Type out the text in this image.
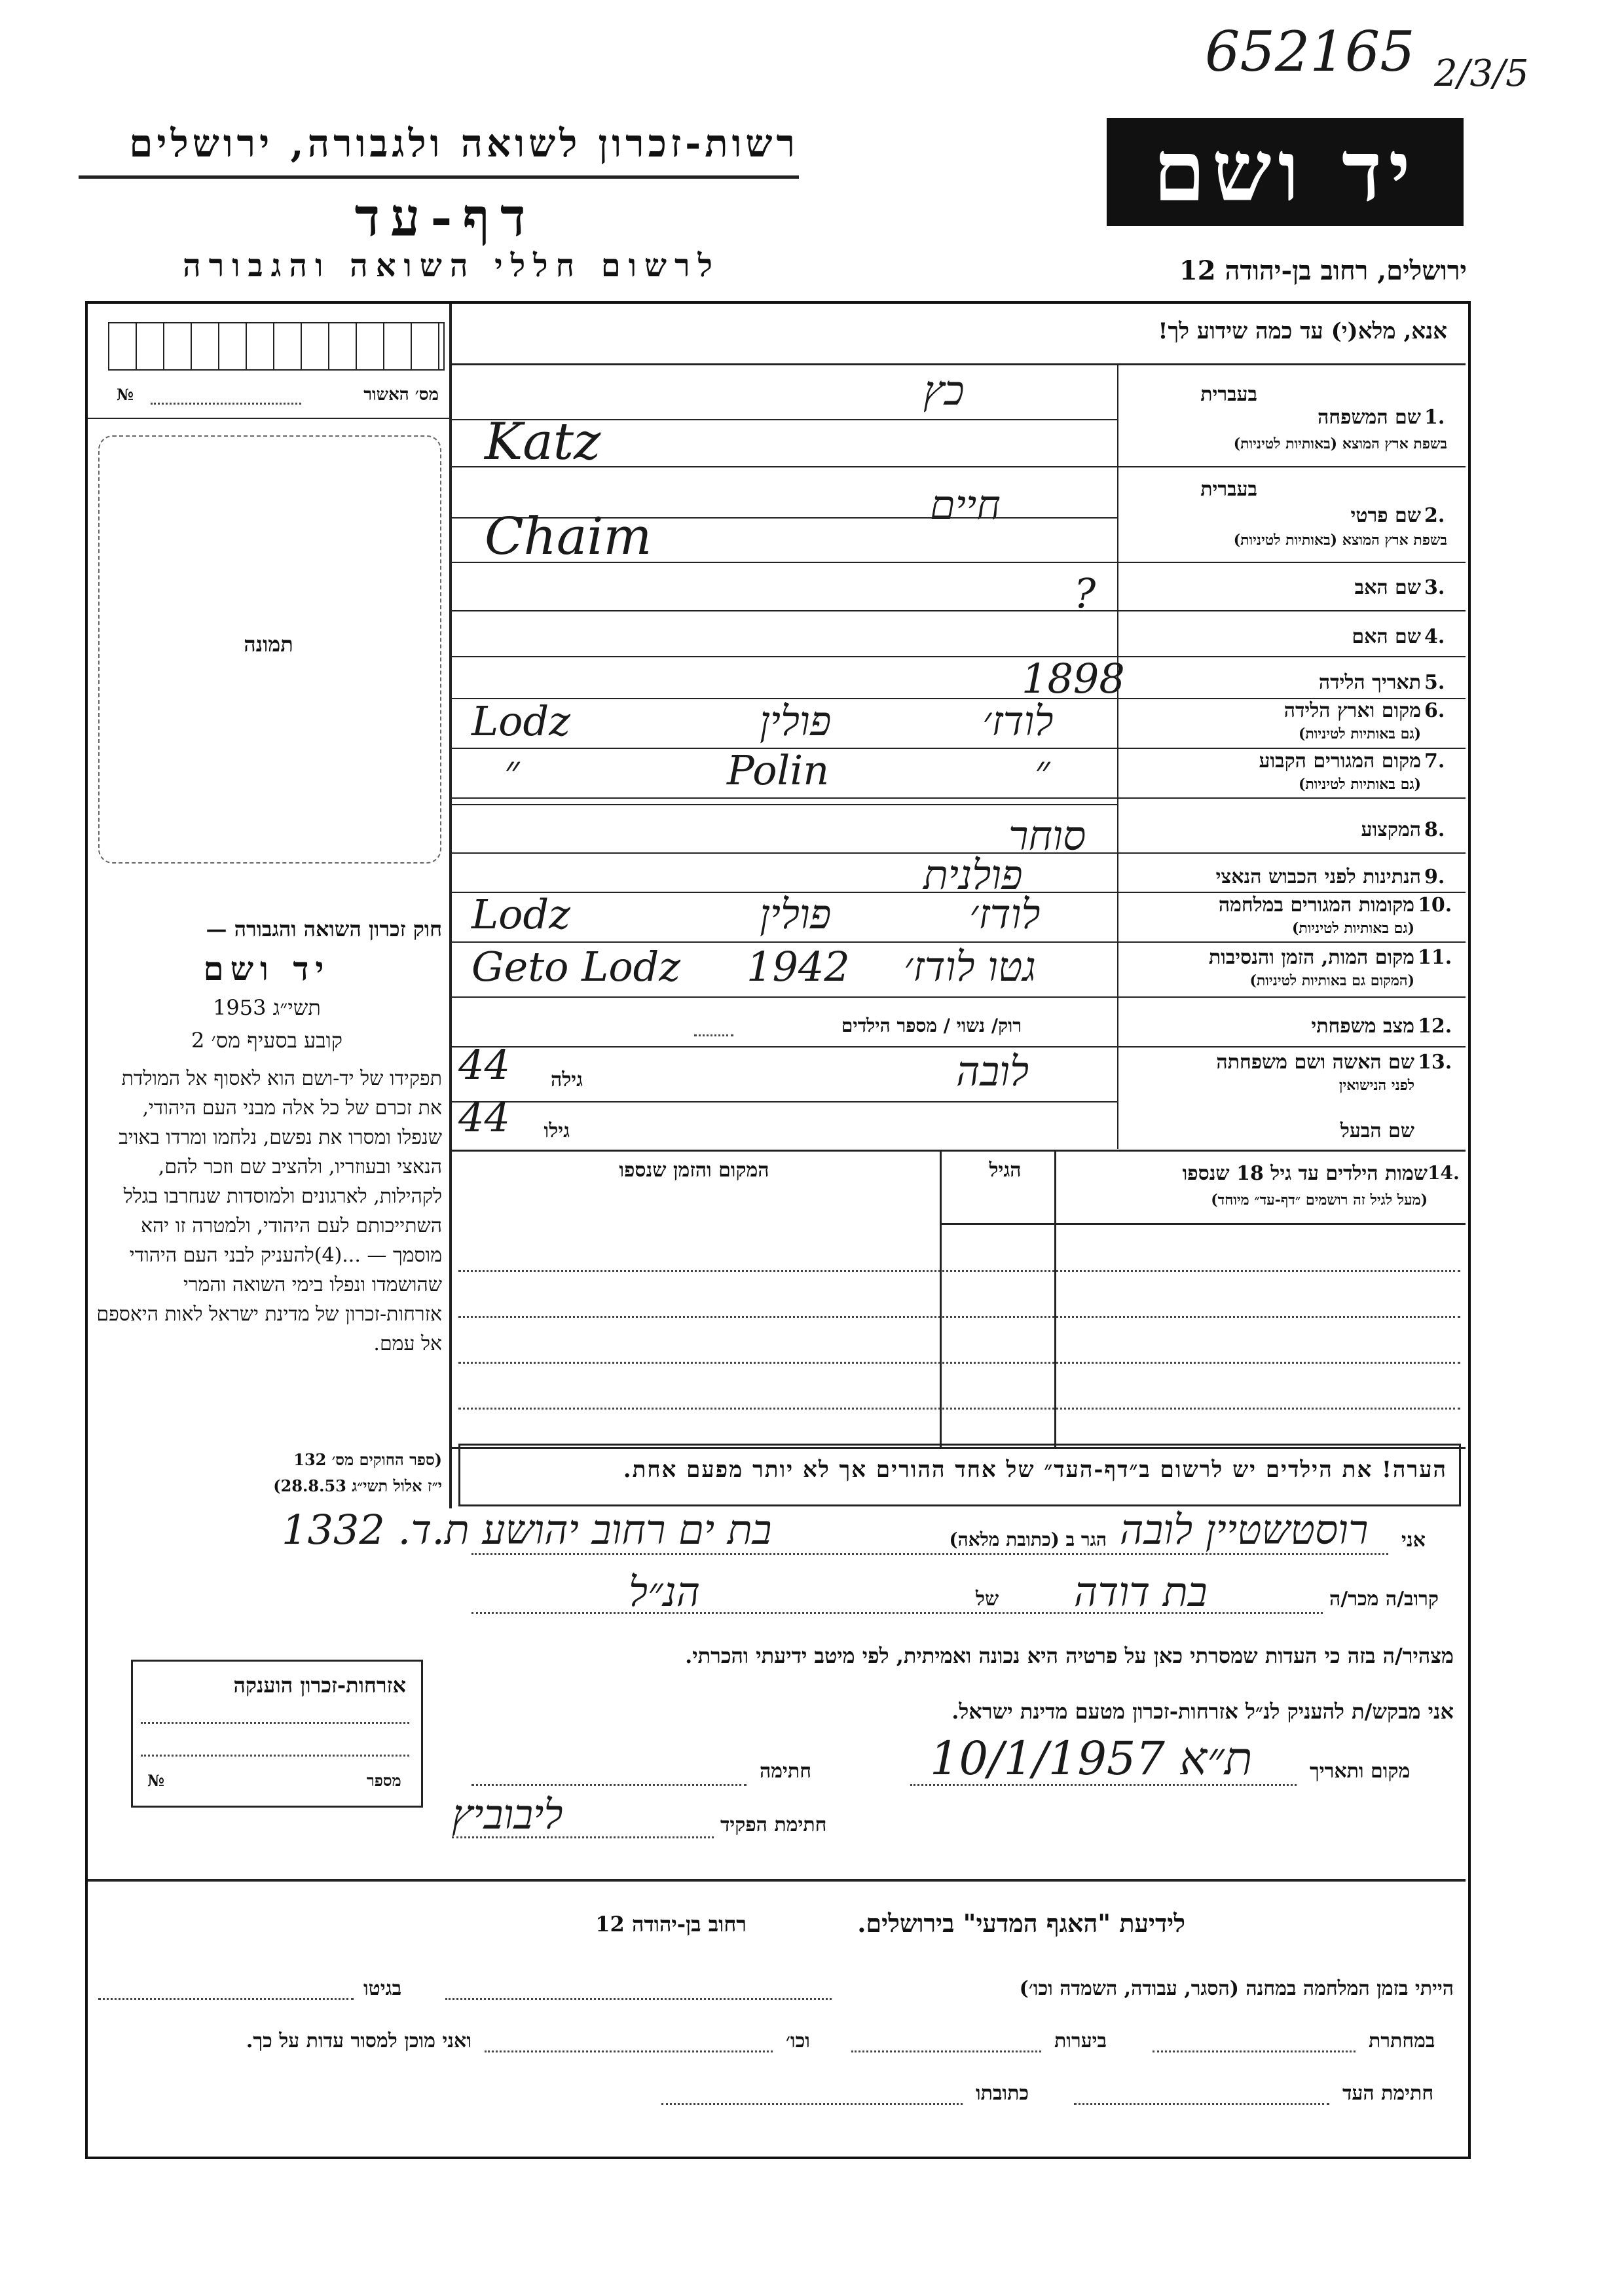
652165 2/3/5
רשות-זכרון לשואה ולגבורה, ירושלים
דף-עד
לרשום חללי השואה והגבורה
יד ושם
ירושלים, רחוב בן-יהודה 12
אנא, מלא(י) עד כמה שידוע לך!
№	מס׳ האשור
תמונה
חוק זכרון השואה והגבורה —
יד ושם
תשי״ג 1953
קובע בסעיף מס׳ 2
תפקידו של יד-ושם הוא לאסוף אל המולדת את זכרם של כל אלה מבני העם היהודי, שנפלו ומסרו את נפשם, נלחמו ומרדו באויב הנאצי ובעוזריו, ולהציב שם וזכר להם, לקהילות, לארגונים ולמוסדות שנחרבו בגלל השתייכותם לעם היהודי, ולמטרה זו יהא מוסמך — ...(4)להעניק לבני העם היהודי שהושמדו ונפלו בימי השואה והמרי אזרחות-זכרון של מדינת ישראל לאות היאספם אל עמם.
(ספר החוקים מס׳ 132
י״ז אלול תשי״ג 28.8.53)
בעברית
1.
שם המשפחה
בשפת ארץ המוצא (באותיות לטיניות)
כץ
Katz
בעברית
2.
שם פרטי
בשפת ארץ המוצא (באותיות לטיניות)
חיים
Chaim
3.
שם האב
?
4.
שם האם
5.
תאריך הלידה
1898
6.
מקום וארץ הלידה
(גם באותיות לטיניות)
Lodz	פולין	לודז׳
7.
מקום המגורים הקבוע
(גם באותיות לטיניות)
״	Polin	״
8.
המקצוע
סוחר
9.
הנתינות לפני הכבוש הנאצי
פולנית
10.
מקומות המגורים במלחמה
(גם באותיות לטיניות)
Lodz	פולין	לודז׳
11.
מקום המות, הזמן והנסיבות
(המקום גם באותיות לטיניות)
Geto Lodz 1942 גטו לודז׳
12.
מצב משפחתי
רוק/ נשוי / מספר הילדים
13.
שם האשה ושם משפחתה
לפני הנישואין
לובה
גילה
44
שם הבעל
גילו
44
14.
שמות הילדים עד גיל 18 שנספו
(מעל לגיל זה רושמים ״דף-עד״ מיוחד)
הגיל
המקום והזמן שנספו
הערה! את הילדים יש לרשום ב״דף-העד״ של אחד ההורים אך לא יותר מפעם אחת.
אני
רוסטשטיין לובה
הגר ב (כתובת מלאה)
בת ים רחוב יהושע ת.ד. 1332
קרוב/ה מכר/ה
בת דודה
של
הנ״ל
מצהיר/ה בזה כי העדות שמסרתי כאן על פרטיה היא נכונה ואמיתית, לפי מיטב ידיעתי והכרתי.
אני מבקש/ת להעניק לנ״ל אזרחות-זכרון מטעם מדינת ישראל.
מקום ותאריך
ת״א 10/1/1957
חתימה
חתימת הפקיד
ליבוביץ
אזרחות-זכרון הוענקה
№	מספר
לידיעת "האגף המדעי" בירושלים.
רחוב בן-יהודה 12
הייתי בזמן המלחמה במחנה (הסגר, עבודה, השמדה וכו׳)
בגיטו
במחתרת
ביערות
וכו׳
ואני מוכן למסור עדות על כך.
חתימת העד
כתובתו
